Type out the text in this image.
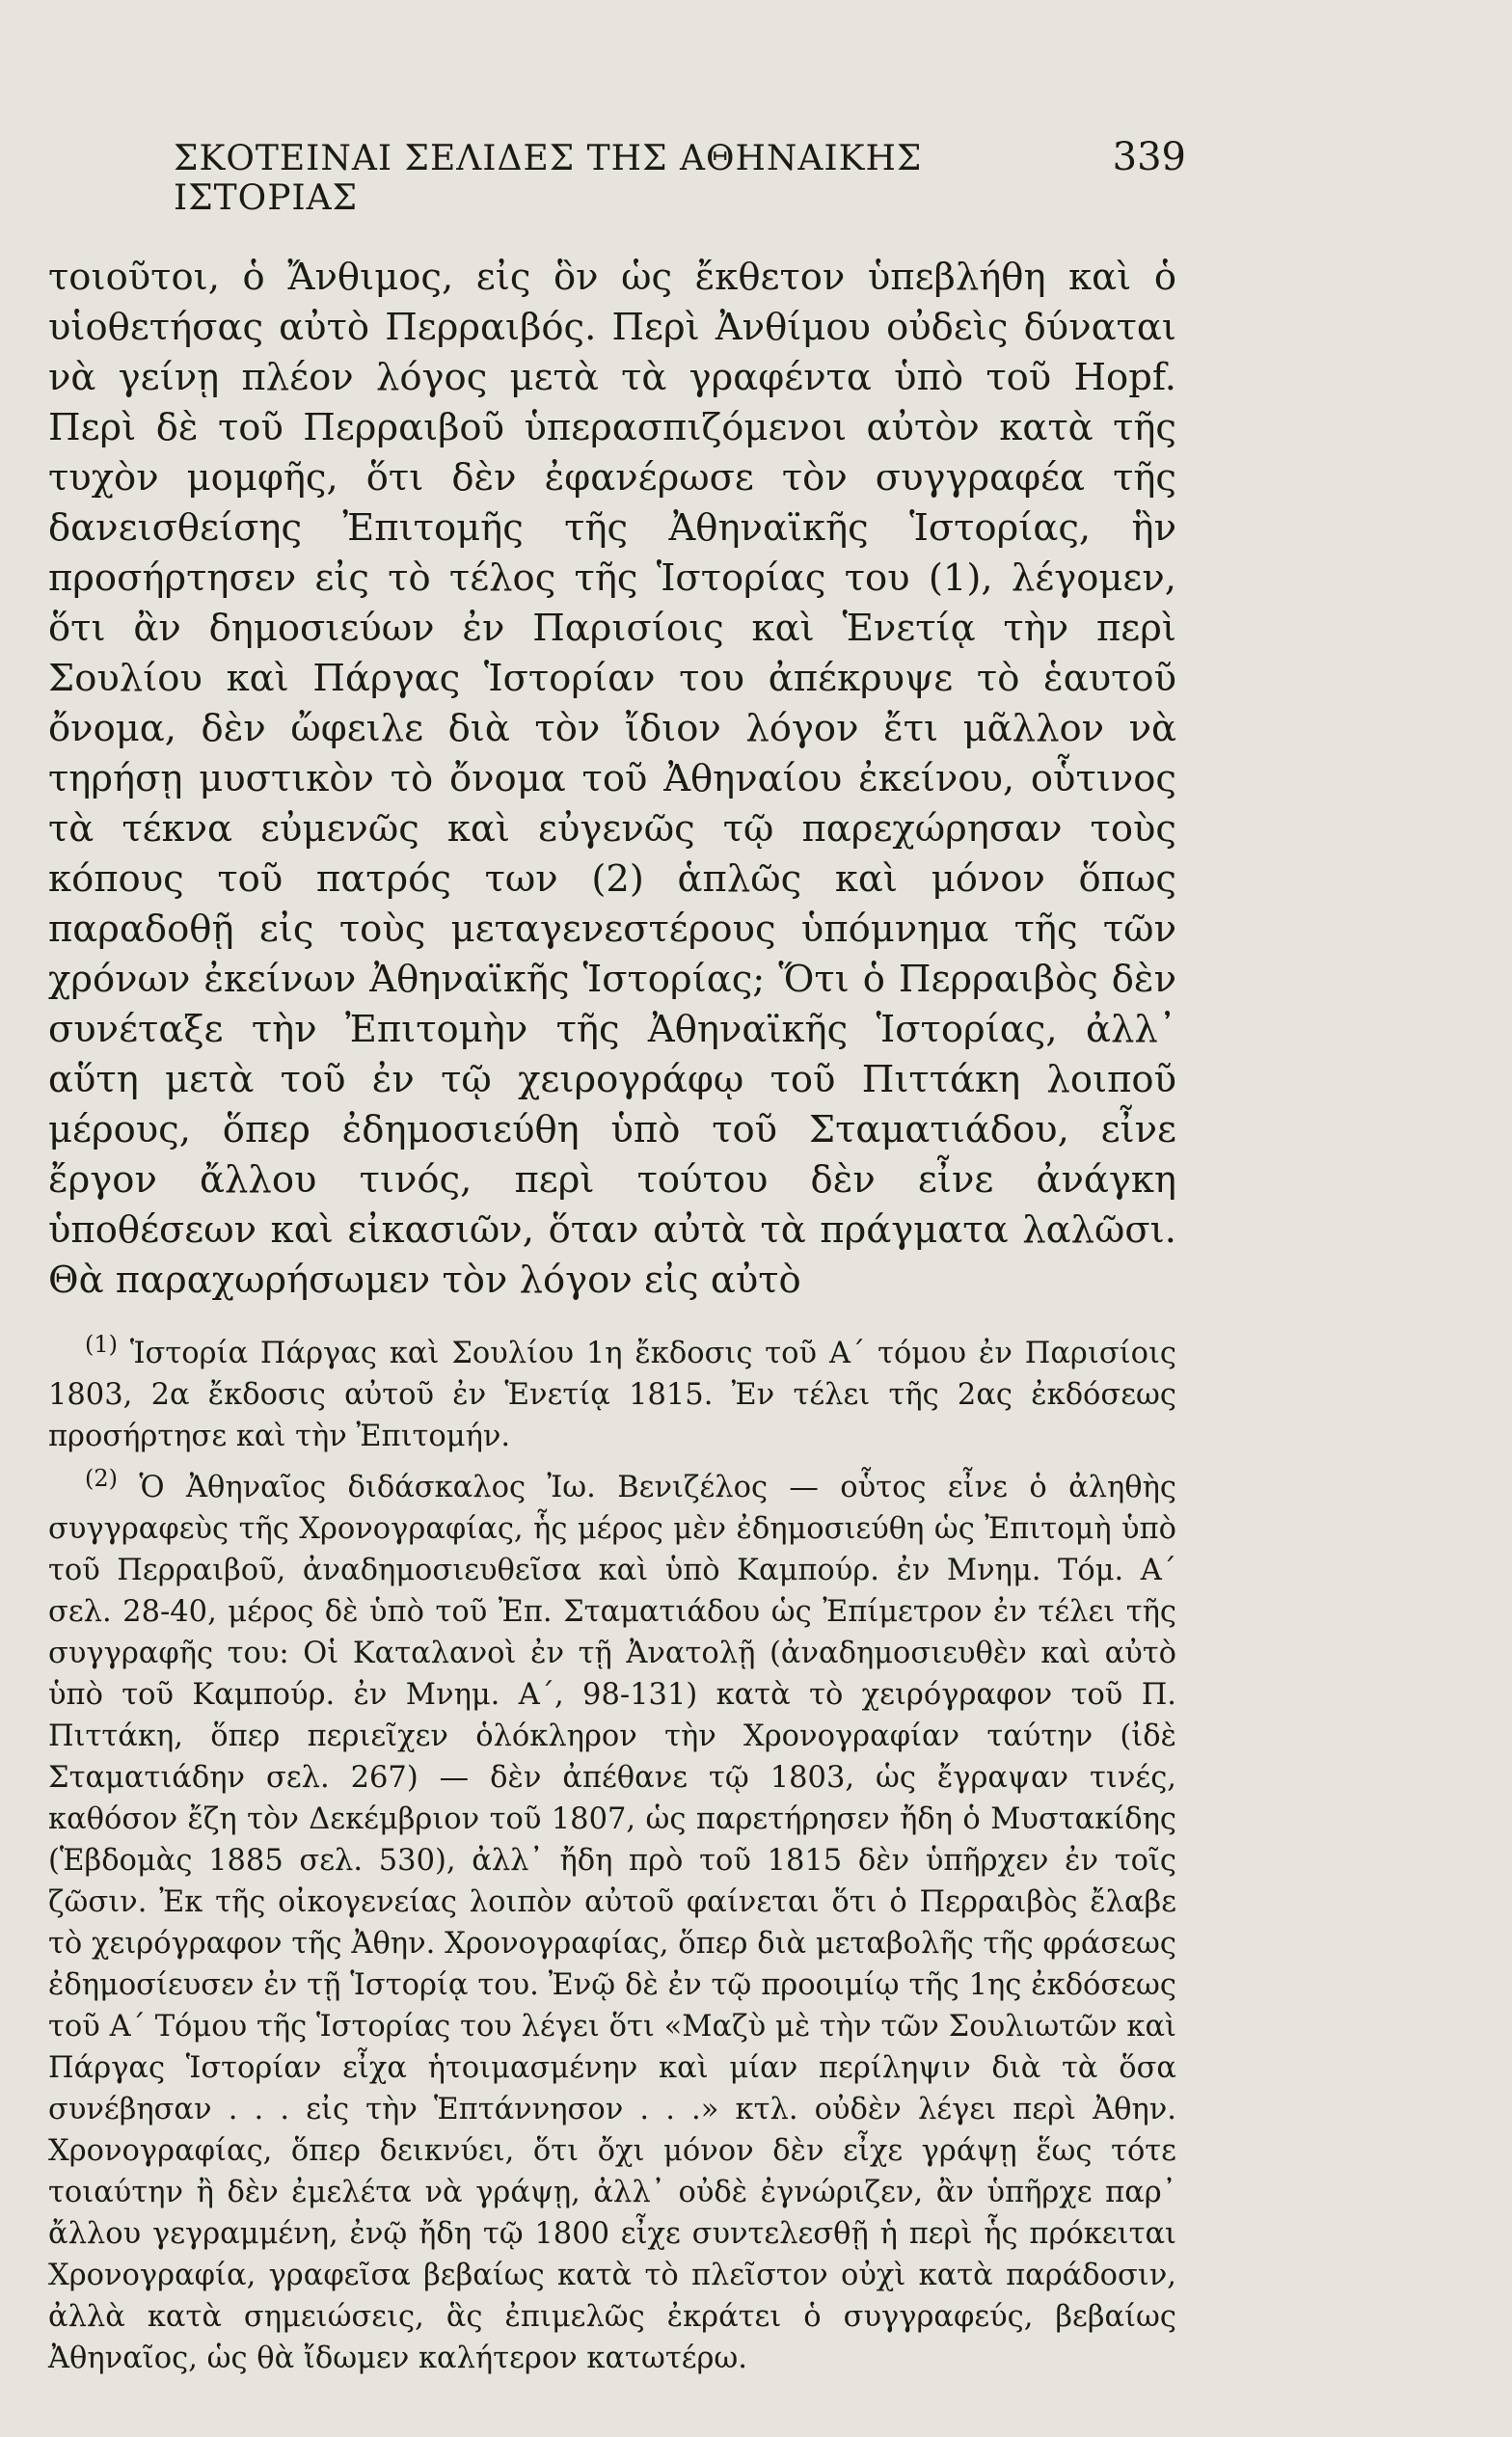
ΣΚΟΤΕΙΝΑΙ ΣΕΛΙΔΕΣ ΤΗΣ ΑΘΗΝΑΙΚΗΣ ΙΣΤΟΡΙΑΣ
339

τοιοῦτοι, ὁ Ἄνθιμος, εἰς ὃν ὡς ἔκθετον ὑπεβλήθη καὶ ὁ υἱοθετήσας αὐτὸ Περραιβός. Περὶ Ἀνθίμου οὐδεὶς δύναται νὰ γείνῃ πλέον λόγος μετὰ τὰ γραφέντα ὑπὸ τοῦ Hopf. Περὶ δὲ τοῦ Περραιβοῦ ὑπερασπιζόμενοι αὐτὸν κατὰ τῆς τυχὸν μομφῆς, ὅτι δὲν ἐφανέρωσε τὸν συγγραφέα τῆς δανεισθείσης Ἐπιτομῆς τῆς Ἀθηναϊκῆς Ἱστορίας, ἣν προσήρτησεν εἰς τὸ τέλος τῆς Ἱστορίας του (1), λέγομεν, ὅτι ἂν δημοσιεύων ἐν Παρισίοις καὶ Ἑνετίᾳ τὴν περὶ Σουλίου καὶ Πάργας Ἱστορίαν του ἀπέκρυψε τὸ ἑαυτοῦ ὄνομα, δὲν ὤφειλε διὰ τὸν ἴδιον λόγον ἔτι μᾶλλον νὰ τηρήσῃ μυστικὸν τὸ ὄνομα τοῦ Ἀθηναίου ἐκείνου, οὗτινος τὰ τέκνα εὐμενῶς καὶ εὐγενῶς τῷ παρεχώρησαν τοὺς κόπους τοῦ πατρός των (2) ἁπλῶς καὶ μόνον ὅπως παραδοθῇ εἰς τοὺς μεταγενεστέρους ὑπόμνημα τῆς τῶν χρόνων ἐκείνων Ἀθηναϊκῆς Ἱστορίας; Ὅτι ὁ Περραιβὸς δὲν συνέταξε τὴν Ἐπιτομὴν τῆς Ἀθηναϊκῆς Ἱστορίας, ἀλλ᾽ αὕτη μετὰ τοῦ ἐν τῷ χειρογράφῳ τοῦ Πιττάκη λοιποῦ μέρους, ὅπερ ἐδημοσιεύθη ὑπὸ τοῦ Σταματιάδου, εἶνε ἔργον ἄλλου τινός, περὶ τούτου δὲν εἶνε ἀνάγκη ὑποθέσεων καὶ εἰκασιῶν, ὅταν αὐτὰ τὰ πράγματα λαλῶσι. Θὰ παραχωρήσωμεν τὸν λόγον εἰς αὐτὸ

$^{(1)}$ Ἱστορία Πάργας καὶ Σουλίου 1η ἔκδοσις τοῦ Α΄ τόμου ἐν Παρισίοις 1803, 2α ἔκδοσις αὐτοῦ ἐν Ἑνετίᾳ 1815. Ἐν τέλει τῆς 2ας ἐκδόσεως προσήρτησε καὶ τὴν Ἐπιτομήν.

$^{(2)}$ Ὁ Ἀθηναῖος διδάσκαλος Ἰω. Βενιζέλος — οὗτος εἶνε ὁ ἀληθὴς συγγραφεὺς τῆς Χρονογραφίας, ἧς μέρος μὲν ἐδημοσιεύθη ὡς Ἐπιτομὴ ὑπὸ τοῦ Περραιβοῦ, ἀναδημοσιευθεῖσα καὶ ὑπὸ Καμπούρ. ἐν Μνημ. Τόμ. Α΄ σελ. 28-40, μέρος δὲ ὑπὸ τοῦ Ἐπ. Σταματιάδου ὡς Ἐπίμετρον ἐν τέλει τῆς συγγραφῆς του: Οἱ Καταλανοὶ ἐν τῇ Ἀνατολῇ (ἀναδημοσιευθὲν καὶ αὐτὸ ὑπὸ τοῦ Καμπούρ. ἐν Μνημ. Α΄, 98-131) κατὰ τὸ χειρόγραφον τοῦ Π. Πιττάκη, ὅπερ περιεῖχεν ὁλόκληρον τὴν Χρονογραφίαν ταύτην (ἰδὲ Σταματιάδην σελ. 267) — δὲν ἀπέθανε τῷ 1803, ὡς ἔγραψαν τινές, καθόσον ἔζη τὸν Δεκέμβριον τοῦ 1807, ὡς παρετήρησεν ἤδη ὁ Μυστακίδης (Ἑβδομὰς 1885 σελ. 530), ἀλλ᾽ ἤδη πρὸ τοῦ 1815 δὲν ὑπῆρχεν ἐν τοῖς ζῶσιν. Ἐκ τῆς οἰκογενείας λοιπὸν αὐτοῦ φαίνεται ὅτι ὁ Περραιβὸς ἔλαβε τὸ χειρόγραφον τῆς Ἀθην. Χρονογραφίας, ὅπερ διὰ μεταβολῆς τῆς φράσεως ἐδημοσίευσεν ἐν τῇ Ἱστορίᾳ του. Ἐνῷ δὲ ἐν τῷ προοιμίῳ τῆς 1ης ἐκδόσεως τοῦ Α΄ Τόμου τῆς Ἱστορίας του λέγει ὅτι «Μαζὺ μὲ τὴν τῶν Σουλιωτῶν καὶ Πάργας Ἱστορίαν εἶχα ἡτοιμασμένην καὶ μίαν περίληψιν διὰ τὰ ὅσα συνέβησαν . . . εἰς τὴν Ἑπτάννησον . . .» κτλ. οὐδὲν λέγει περὶ Ἀθην. Χρονογραφίας, ὅπερ δεικνύει, ὅτι ὄχι μόνον δὲν εἶχε γράψῃ ἕως τότε τοιαύτην ἢ δὲν ἐμελέτα νὰ γράψῃ, ἀλλ᾽ οὐδὲ ἐγνώριζεν, ἂν ὑπῆρχε παρ᾽ ἄλλου γεγραμμένη, ἐνῷ ἤδη τῷ 1800 εἶχε συντελεσθῇ ἡ περὶ ἧς πρόκειται Χρονογραφία, γραφεῖσα βεβαίως κατὰ τὸ πλεῖστον οὐχὶ κατὰ παράδοσιν, ἀλλὰ κατὰ σημειώσεις, ἃς ἐπιμελῶς ἐκράτει ὁ συγγραφεύς, βεβαίως Ἀθηναῖος, ὡς θὰ ἴδωμεν καλήτερον κατωτέρω.
